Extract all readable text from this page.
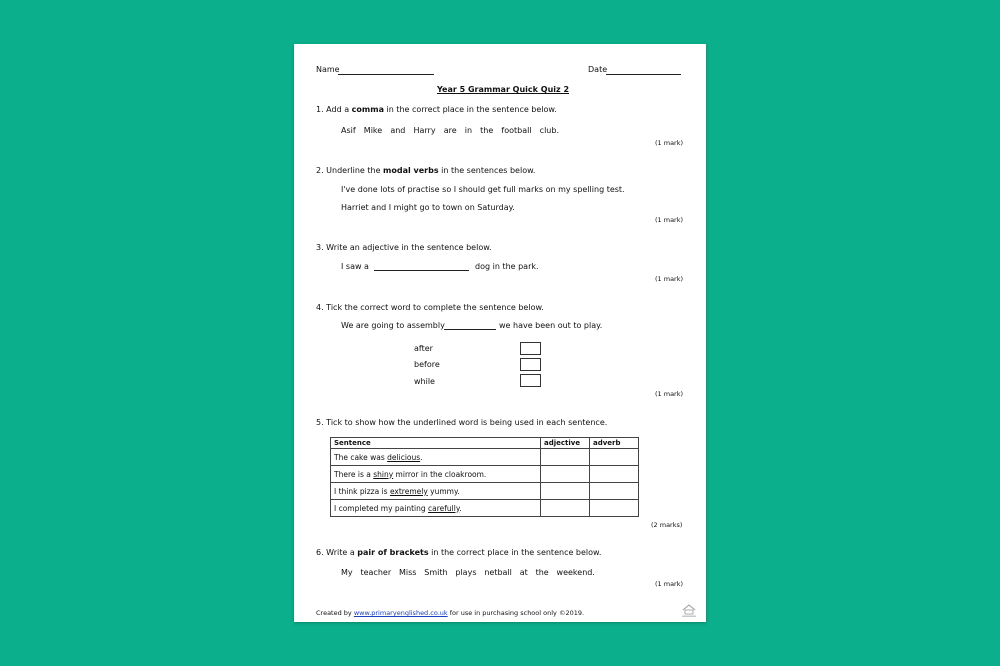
Name	Date
Year 5 Grammar Quick Quiz 2
1. Add a comma in the correct place in the sentence below.
Asif Mike and Harry are in the football club.
(1 mark)
2. Underline the modal verbs in the sentences below.
I've done lots of practise so I should get full marks on my spelling test.
Harriet and I might go to town on Saturday.
(1 mark)
3. Write an adjective in the sentence below.
I saw a	dog in the park.
(1 mark)
4. Tick the correct word to complete the sentence below.
We are going to assembly	we have been out to play.
after
before
while
(1 mark)
5. Tick to show how the underlined word is being used in each sentence.
Sentence	adjective	adverb
The cake was delicious.		
There is a shiny mirror in the cloakroom.		
I think pizza is extremely yummy.		
I completed my painting carefully.		
(2 marks)
6. Write a pair of brackets in the correct place in the sentence below.
My teacher Miss Smith plays netball at the weekend.
(1 mark)
Created by www.primaryenglished.co.uk for use in purchasing school only ©2019.
